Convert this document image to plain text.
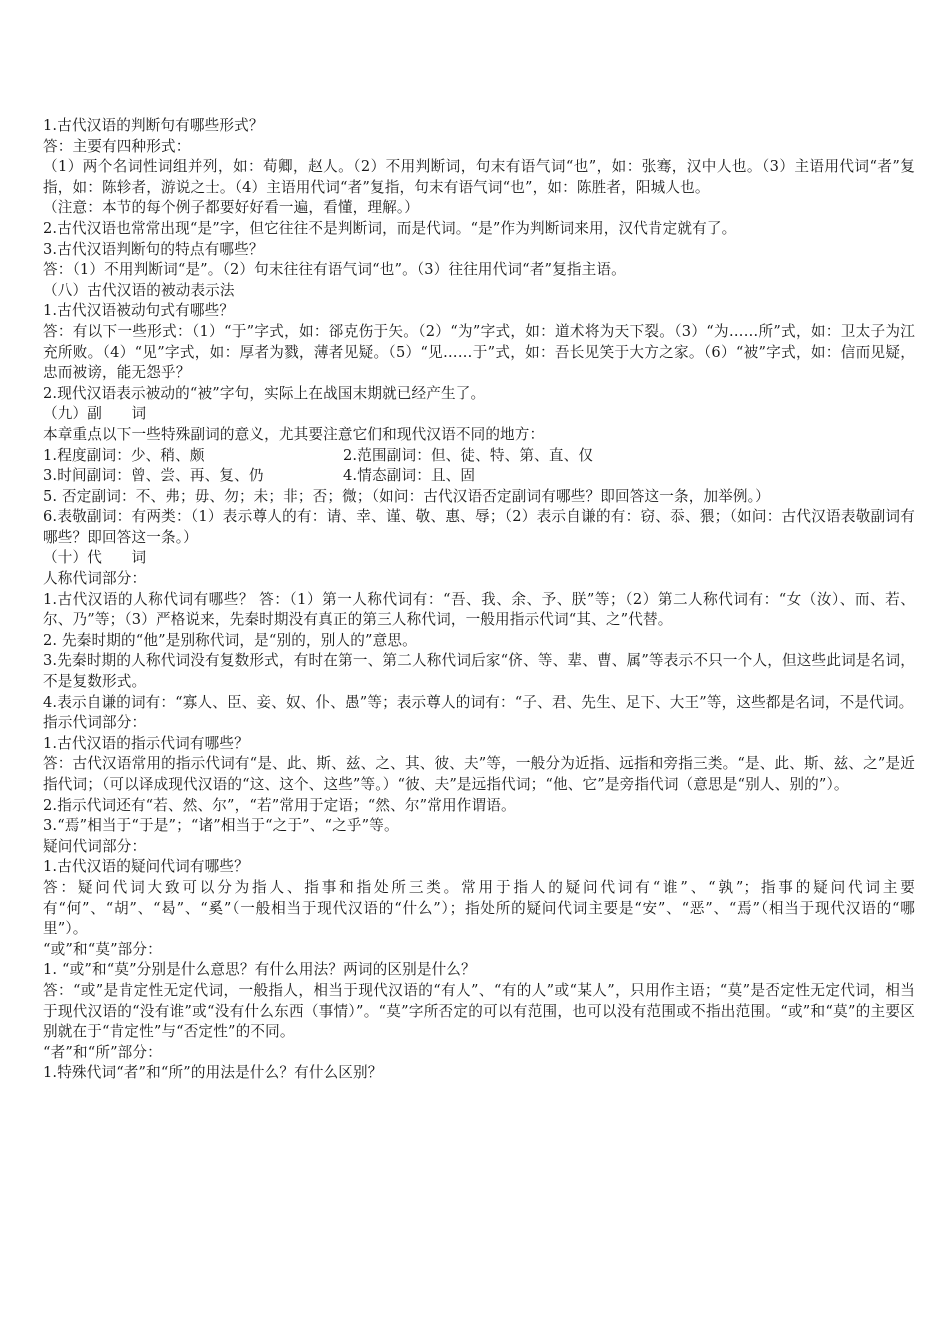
1.古代汉语的判断句有哪些形式？
答：主要有四种形式：
（1）两个名词性词组并列，如：荀卿，赵人。（2）不用判断词，句末有语气词“也”，如：张骞，汉中人也。（3）主语用代词“者”复指，如：陈轸者，游说之士。（4）主语用代词“者”复指，句末有语气词“也”，如：陈胜者，阳城人也。
（注意：本节的每个例子都要好好看一遍，看懂，理解。）
2.古代汉语也常常出现“是”字，但它往往不是判断词，而是代词。“是”作为判断词来用，汉代肯定就有了。
3.古代汉语判断句的特点有哪些？
答：（1）不用判断词“是”。（2）句末往往有语气词“也”。（3）往往用代词“者”复指主语。
（八）古代汉语的被动表示法
1.古代汉语被动句式有哪些？
答：有以下一些形式：（1）“于”字式，如：郤克伤于矢。（2）“为”字式，如：道术将为天下裂。（3）“为……所”式，如：卫太子为江充所败。（4）“见”字式，如：厚者为戮，薄者见疑。（5）“见……于”式，如：吾长见笑于大方之家。（6）“被”字式，如：信而见疑，忠而被谤，能无怨乎？
2.现代汉语表示被动的“被”字句，实际上在战国末期就已经产生了。
（九）副　　词
本章重点以下一些特殊副词的意义，尤其要注意它们和现代汉语不同的地方：
1.程度副词：少、稍、颇	2.范围副词：但、徒、特、第、直、仅
3.时间副词：曾、尝、再、复、仍	4.情态副词：且、固
5. 否定副词：不、弗；毋、勿；未；非；否；微；（如问：古代汉语否定副词有哪些？即回答这一条，加举例。）
6.表敬副词：有两类：（1）表示尊人的有：请、幸、谨、敬、惠、辱；（2）表示自谦的有：窃、忝、猥；（如问：古代汉语表敬副词有哪些？即回答这一条。）
（十）代　　词
人称代词部分：
1.古代汉语的人称代词有哪些？ 答：（1）第一人称代词有：“吾、我、余、予、朕”等；（2）第二人称代词有：“女（汝）、而、若、尔、乃”等；（3）严格说来，先秦时期没有真正的第三人称代词，一般用指示代词“其、之”代替。
2. 先秦时期的“他”是别称代词，是“别的，别人的”意思。
3.先秦时期的人称代词没有复数形式，有时在第一、第二人称代词后家“侪、等、辈、曹、属”等表示不只一个人，但这些此词是名词，不是复数形式。
4.表示自谦的词有：“寡人、臣、妾、奴、仆、愚”等；表示尊人的词有：“子、君、先生、足下、大王”等，这些都是名词，不是代词。
指示代词部分：
1.古代汉语的指示代词有哪些？
答：古代汉语常用的指示代词有“是、此、斯、兹、之、其、彼、夫”等，一般分为近指、远指和旁指三类。“是、此、斯、兹、之”是近指代词；（可以译成现代汉语的“这、这个、这些”等。）“彼、夫”是远指代词；“他、它”是旁指代词（意思是“别人、别的”）。
2.指示代词还有“若、然、尔”，“若”常用于定语；“然、尔”常用作谓语。
3.“焉”相当于“于是”；“诸”相当于“之于”、“之乎”等。
疑问代词部分：
1.古代汉语的疑问代词有哪些？
答：疑问代词大致可以分为指人、指事和指处所三类。常用于指人的疑问代词有“谁”、“孰”；指事的疑问代词主要有“何”、“胡”、“曷”、“奚”（一般相当于现代汉语的“什么”）；指处所的疑问代词主要是“安”、“恶”、“焉”（相当于现代汉语的“哪里”）。
“或”和“莫”部分：
1. “或”和“莫”分别是什么意思？有什么用法？两词的区别是什么？
答：“或”是肯定性无定代词，一般指人，相当于现代汉语的“有人”、“有的人”或“某人”，只用作主语；“莫”是否定性无定代词，相当于现代汉语的“没有谁”或“没有什么东西（事情）”。“莫”字所否定的可以有范围，也可以没有范围或不指出范围。“或”和“莫”的主要区别就在于“肯定性”与“否定性”的不同。
“者”和“所”部分：
1.特殊代词“者”和“所”的用法是什么？有什么区别？
